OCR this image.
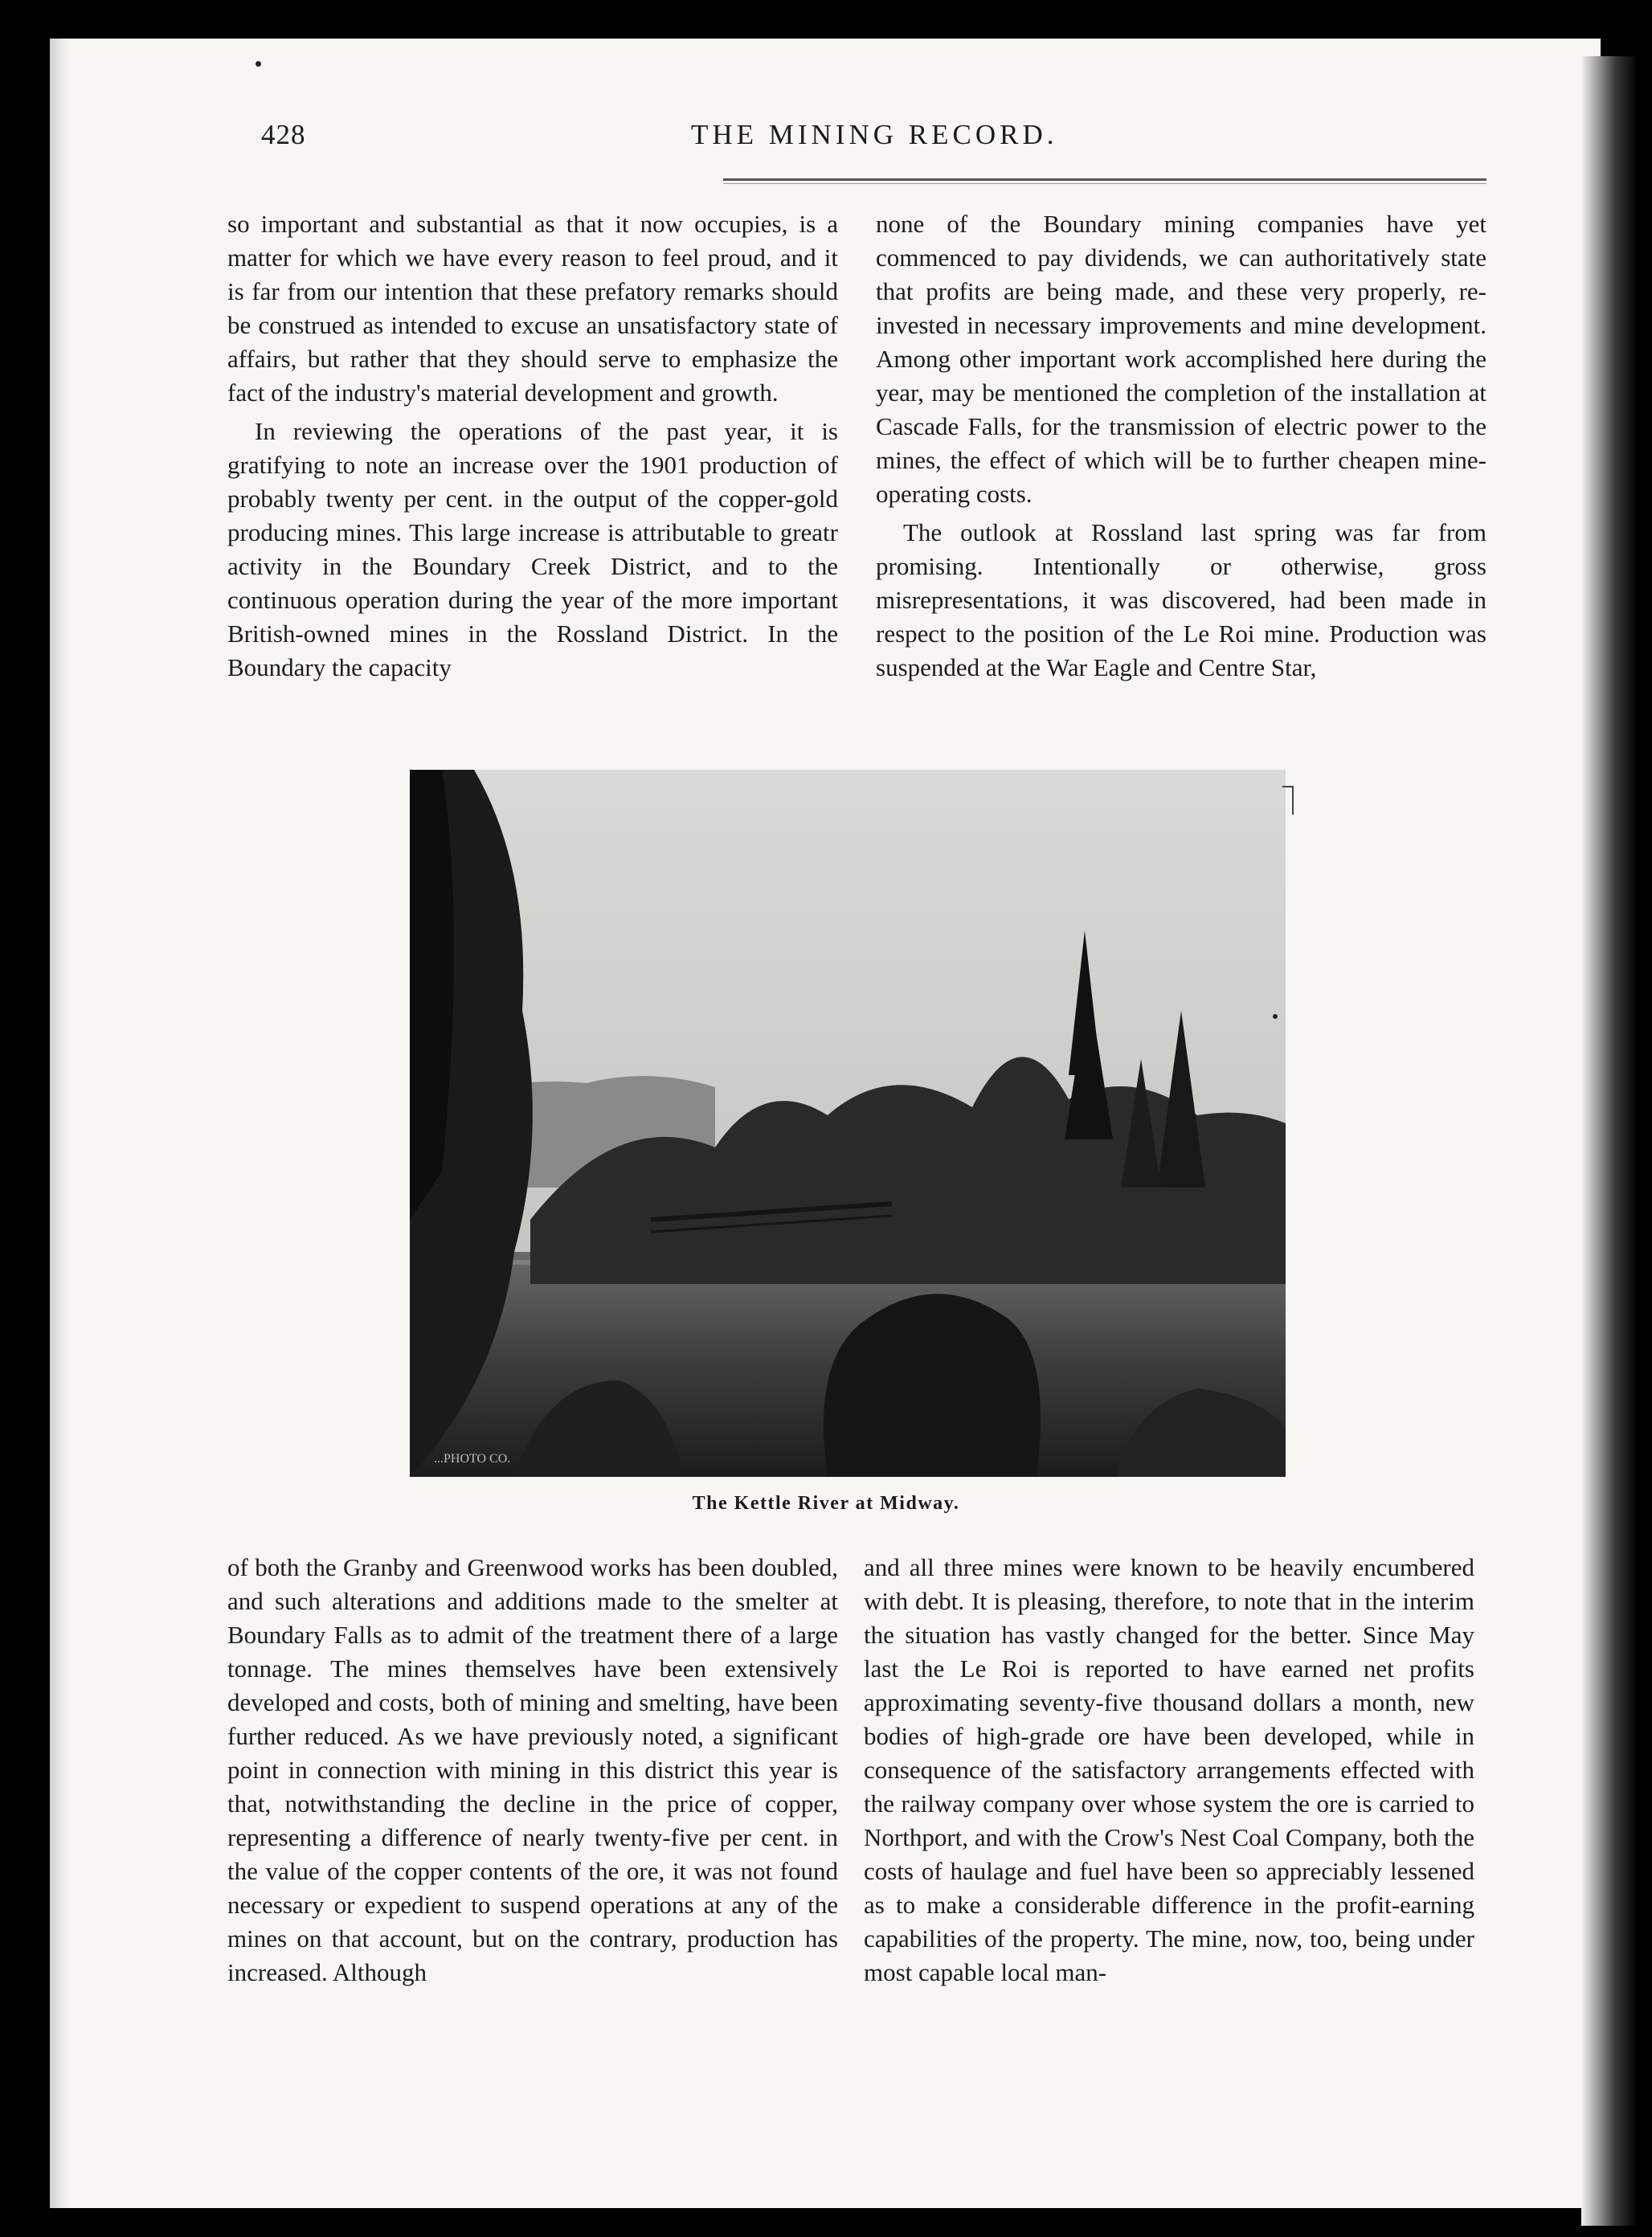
428	THE MINING RECORD.

so important and substantial as that it now occupies, is a matter for which we have every reason to feel proud, and it is far from our intention that these prefatory remarks should be construed as intended to excuse an unsatisfactory state of affairs, but rather that they should serve to emphasize the fact of the industry's material development and growth.

In reviewing the operations of the past year, it is gratifying to note an increase over the 1901 production of probably twenty per cent. in the output of the copper-gold producing mines. This large increase is attributable to greatr activity in the Boundary Creek District, and to the continuous operation during the year of the more important British-owned mines in the Rossland District. In the Boundary the capacity

none of the Boundary mining companies have yet commenced to pay dividends, we can authoritatively state that profits are being made, and these very properly, re-invested in necessary improvements and mine development. Among other important work accomplished here during the year, may be mentioned the completion of the installation at Cascade Falls, for the transmission of electric power to the mines, the effect of which will be to further cheapen mine-operating costs.

The outlook at Rossland last spring was far from promising. Intentionally or otherwise, gross misrepresentations, it was discovered, had been made in respect to the position of the Le Roi mine. Production was suspended at the War Eagle and Centre Star,

...PHOTO CO.
The Kettle River at Midway.

of both the Granby and Greenwood works has been doubled, and such alterations and additions made to the smelter at Boundary Falls as to admit of the treatment there of a large tonnage. The mines themselves have been extensively developed and costs, both of mining and smelting, have been further reduced. As we have previously noted, a significant point in connection with mining in this district this year is that, notwithstanding the decline in the price of copper, representing a difference of nearly twenty-five per cent. in the value of the copper contents of the ore, it was not found necessary or expedient to suspend operations at any of the mines on that account, but on the contrary, production has increased. Although

and all three mines were known to be heavily encumbered with debt. It is pleasing, therefore, to note that in the interim the situation has vastly changed for the better. Since May last the Le Roi is reported to have earned net profits approximating seventy-five thousand dollars a month, new bodies of high-grade ore have been developed, while in consequence of the satisfactory arrangements effected with the railway company over whose system the ore is carried to Northport, and with the Crow's Nest Coal Company, both the costs of haulage and fuel have been so appreciably lessened as to make a considerable difference in the profit-earning capabilities of the property. The mine, now, too, being under most capable local man-
